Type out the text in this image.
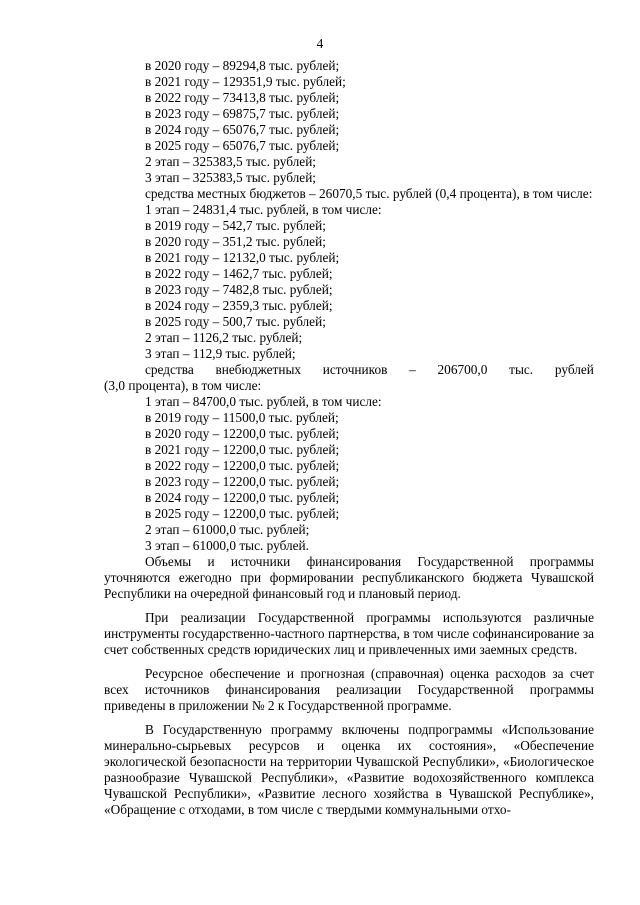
4

в 2020 году – 89294,8 тыс. рублей;

в 2021 году – 129351,9 тыс. рублей;

в 2022 году – 73413,8 тыс. рублей;

в 2023 году – 69875,7 тыс. рублей;

в 2024 году – 65076,7 тыс. рублей;

в 2025 году – 65076,7 тыс. рублей;

2 этап – 325383,5 тыс. рублей;

3 этап – 325383,5 тыс. рублей;

средства местных бюджетов – 26070,5 тыс. рублей (0,4 процента), в том числе:

1 этап – 24831,4 тыс. рублей, в том числе:

в 2019 году – 542,7 тыс. рублей;

в 2020 году – 351,2 тыс. рублей;

в 2021 году – 12132,0 тыс. рублей;

в 2022 году – 1462,7 тыс. рублей;

в 2023 году – 7482,8 тыс. рублей;

в 2024 году – 2359,3 тыс. рублей;

в 2025 году – 500,7 тыс. рублей;

2 этап – 1126,2 тыс. рублей;

3 этап – 112,9 тыс. рублей;

средства внебюджетных источников – 206700,0 тыс. рублей

(3,0 процента), в том числе:

1 этап – 84700,0 тыс. рублей, в том числе:

в 2019 году – 11500,0 тыс. рублей;

в 2020 году – 12200,0 тыс. рублей;

в 2021 году – 12200,0 тыс. рублей;

в 2022 году – 12200,0 тыс. рублей;

в 2023 году – 12200,0 тыс. рублей;

в 2024 году – 12200,0 тыс. рублей;

в 2025 году – 12200,0 тыс. рублей;

2 этап – 61000,0 тыс. рублей;

3 этап – 61000,0 тыс. рублей.

Объемы и источники финансирования Государственной программы уточняются ежегодно при формировании республиканского бюджета Чувашской Республики на очередной финансовый год и плановый период.

При реализации Государственной программы используются различные инструменты государственно-частного партнерства, в том числе софинансирование за счет собственных средств юридических лиц и привлеченных ими заемных средств.

Ресурсное обеспечение и прогнозная (справочная) оценка расходов за счет всех источников финансирования реализации Государственной программы приведены в приложении № 2 к Государственной программе.

В Государственную программу включены подпрограммы «Использование минерально-сырьевых ресурсов и оценка их состояния», «Обеспечение экологической безопасности на территории Чувашской Республики», «Биологическое разнообразие Чувашской Республики», «Развитие водохозяйственного комплекса Чувашской Республики», «Развитие лесного хозяйства в Чувашской Республике», «Обращение с отходами, в том числе с твердыми коммунальными отхо-
